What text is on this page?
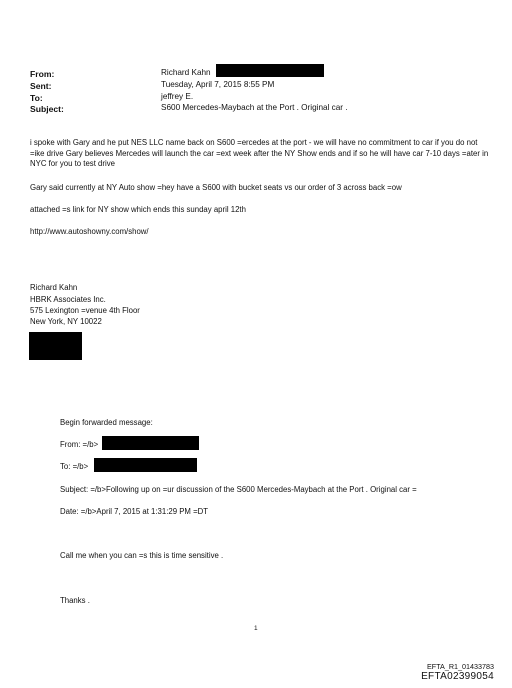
From:	Richard Kahn
Sent:	Tuesday, April 7, 2015 8:55 PM
To:	jeffrey E.
Subject:	S600 Mercedes-Maybach at the Port . Original car .
i spoke with Gary and he put NES LLC name back on S600 =ercedes at the port - we will have no commitment to car if you do not =ike drive Gary believes Mercedes will launch the car =ext week after the NY Show ends and if so he will have car 7-10 days =ater in NYC for you to test drive
Gary said currently at NY Auto show =hey have a S600 with bucket seats vs our order of 3 across back =ow
attached =s link for NY show which ends this sunday april 12th
http://www.autoshowny.com/show/
Richard Kahn
HBRK Associates Inc.
575 Lexington =venue 4th Floor
New York, NY 10022
Begin forwarded message:
From: =/b>
To: =/b>
Subject: =/b>Following up on =ur discussion of the S600 Mercedes-Maybach at the Port . Original car =
Date: =/b>April 7, 2015 at 1:31:29 PM =DT
Call me when you can =s this is time sensitive .
Thanks .
1
EFTA_R1_01433783
EFTA02399054
